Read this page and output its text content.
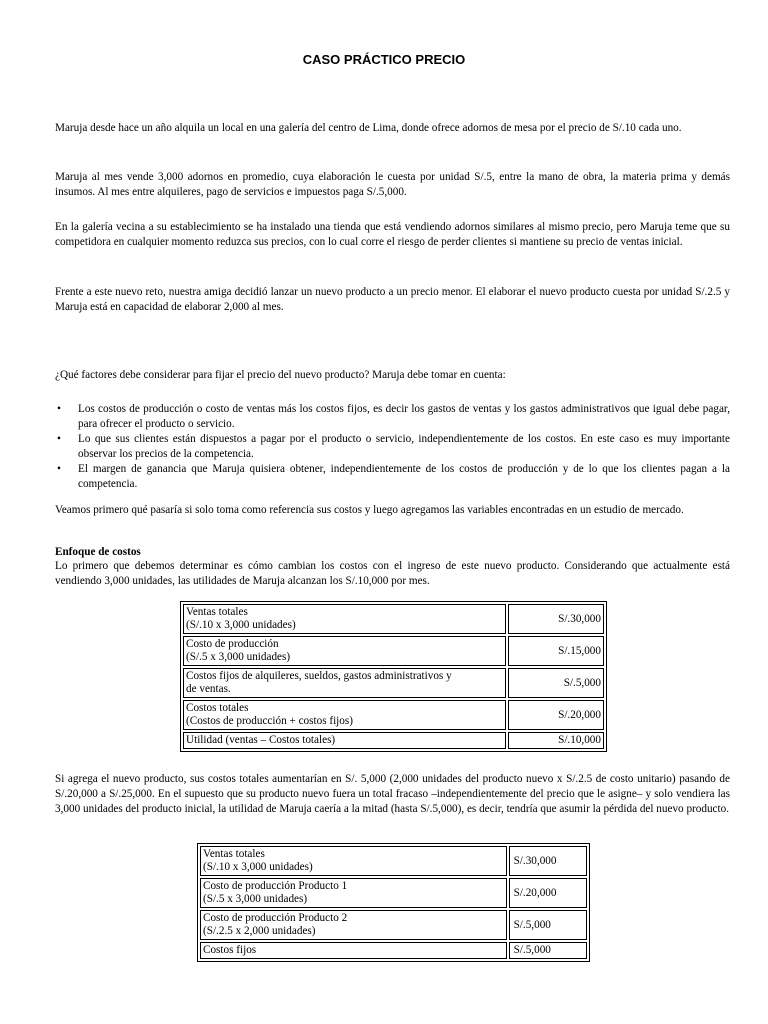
CASO PRÁCTICO PRECIO

Maruja desde hace un año alquila un local en una galería del centro de Lima, donde ofrece adornos de mesa por el precio de S/.10 cada uno.

Maruja al mes vende 3,000 adornos en promedio, cuya elaboración le cuesta por unidad S/.5, entre la mano de obra, la materia prima y demás insumos. Al mes entre alquileres, pago de servicios e impuestos paga S/.5,000.

En la galería vecina a su establecimiento se ha instalado una tienda que está vendiendo adornos similares al mismo precio, pero Maruja teme que su competidora en cualquier momento reduzca sus precios, con lo cual corre el riesgo de perder clientes si mantiene su precio de ventas inicial.

Frente a este nuevo reto, nuestra amiga decidió lanzar un nuevo producto a un precio menor. El elaborar el nuevo producto cuesta por unidad S/.2.5 y Maruja está en capacidad de elaborar 2,000 al mes.

¿Qué factores debe considerar para fijar el precio del nuevo producto? Maruja debe tomar en cuenta:

• Los costos de producción o costo de ventas más los costos fijos, es decir los gastos de ventas y los gastos administrativos que igual debe pagar, para ofrecer el producto o servicio.
• Lo que sus clientes están dispuestos a pagar por el producto o servicio, independientemente de los costos. En este caso es muy importante observar los precios de la competencia.
• El margen de ganancia que Maruja quisiera obtener, independientemente de los costos de producción y de lo que los clientes pagan a la competencia.

Veamos primero qué pasaría si solo toma como referencia sus costos y luego agregamos las variables encontradas en un estudio de mercado.

Enfoque de costos

Lo primero que debemos determinar es cómo cambian los costos con el ingreso de este nuevo producto. Considerando que actualmente está vendiendo 3,000 unidades, las utilidades de Maruja alcanzan los S/.10,000 por mes.

Ventas totales
(S/.10 x 3,000 unidades)	S/.30,000
Costo de producción
(S/.5 x 3,000 unidades)	S/.15,000
Costos fijos de alquileres, sueldos, gastos administrativos y
de ventas.	S/.5,000
Costos totales
(Costos de producción + costos fijos)	S/.20,000
Utilidad (ventas – Costos totales)	S/.10,000

Si agrega el nuevo producto, sus costos totales aumentarían en S/. 5,000 (2,000 unidades del producto nuevo x S/.2.5 de costo unitario) pasando de S/.20,000 a S/.25,000. En el supuesto que su producto nuevo fuera un total fracaso –independientemente del precio que le asigne– y solo vendiera las 3,000 unidades del producto inicial, la utilidad de Maruja caería a la mitad (hasta S/.5,000), es decir, tendría que asumir la pérdida del nuevo producto.

Ventas totales
(S/.10 x 3,000 unidades)	S/.30,000
Costo de producción Producto 1
(S/.5 x 3,000 unidades)	S/.20,000
Costo de producción Producto 2
(S/.2.5 x 2,000 unidades)	S/.5,000
Costos fijos	S/.5,000
